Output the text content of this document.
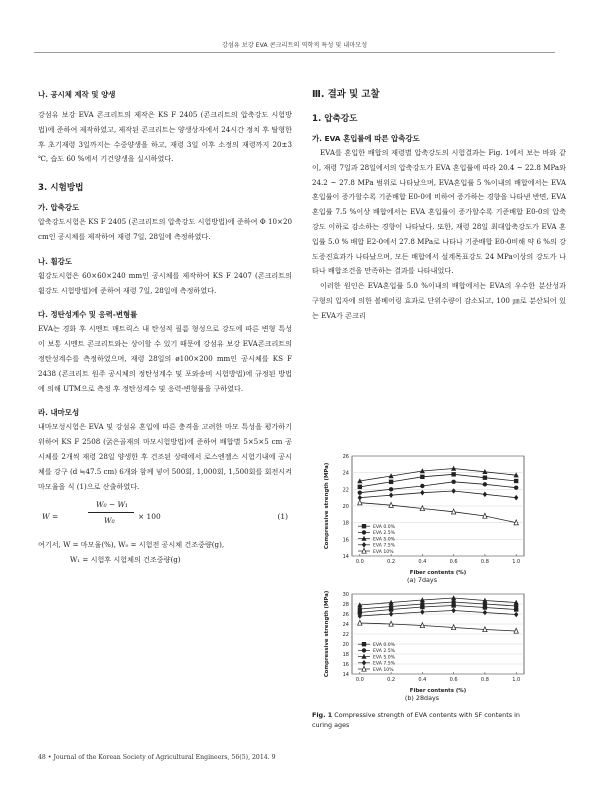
강섬유 보강 EVA 콘크리트의 역학적 특성 및 내마모성

나. 공시체 제작 및 양생

강섬유 보강 EVA 콘크리트의 제작은 KS F 2405 (콘크리트의 압축강도 시험방법)에 준하여 제작하였고, 제작된 콘크리트는 양생상자에서 24시간 정치 후 탈형한 후 초기재령 3일까지는 수중양생을 하고, 재령 3일 이후 소정의 재령까지 20±3 ℃, 습도 60 %에서 기건양생을 실시하였다.

3. 시험방법

가. 압축강도

압축강도시험은 KS F 2405 (콘크리트의 압축강도 시험방법)에 준하여 Φ 10×20 cm인 공시체를 제작하여 재령 7일, 28일에 측정하였다.

나. 휨강도

휨강도시험은 60×60×240 mm인 공시체를 제작하여 KS F 2407 (콘크리트의 휨강도 시험방법)에 준하여 재령 7일, 28일에 측정하였다.

다. 정탄성계수 및 응력-변형률

EVA는 경화 후 시멘트 매트릭스 내 탄성적 필름 형성으로 강도에 따른 변형 특성이 보통 시멘트 콘크리트와는 상이할 수 있기 때문에 강섬유 보강 EVA콘크리트의 정탄성계수를 측정하였으며, 재령 28일의 ø100×200 mm인 공시체를 KS F 2438 (콘크리트 원주 공시체의 정탄성계수 및 포와송비 시험방법)에 규정된 방법에 의해 UTM으로 측정 후 정탄성계수 및 응력-변형률을 구하였다.

라. 내마모성

내마모성시험은 EVA 및 강섬유 혼입에 따른 충격을 고려한 마모 특성을 평가하기 위하여 KS F 2508 (굵은골재의 마모시험방법)에 준하여 배합별 5×5×5 cm 공시체를 2개씩 재령 28일 양생한 후 건조된 상태에서 로스엔젤스 시험기내에 공시체를 강구 (d ≒47.5 cm) 6개와 함께 넣어 500회, 1,000회, 1,500회를 회전시켜 마모율을 식 (1)으로 산출하였다.

W =
W₀ − W₁
W₀	× 100	(1)

여기서, W = 마모율(%), W₀ = 시험전 공시체 건조중량(g),

W₁ = 시험후 시험체의 건조중량(g)

Ⅲ. 결과 및 고찰

1. 압축강도

가. EVA 혼입률에 따른 압축강도

EVA를 혼입한 배합의 재령별 압축강도의 시험결과는 Fig. 1에서 보는 바와 같이, 재령 7일과 28일에서의 압축강도가 EVA 혼입률에 따라 20.4 ~ 22.8 MPa와 24.2 ~ 27.8 MPa 범위로 나타났으며, EVA혼입률 5 %이내의 배합에서는 EVA 혼입률이 증가할수록 기준배합 E0-0에 비하여 증가하는 경향을 나타낸 반면, EVA 혼입률 7.5 %이상 배합에서는 EVA 혼입률이 증가할수록 기준배합 E0-0의 압축강도 이하로 감소하는 경향이 나타났다. 또한, 재령 28일 최대압축강도가 EVA 혼입률 5.0 % 배합 E2-0에서 27.8 MPa로 나타나 기준배합 E0-0비해 약 6 %의 강도증진효과가 나타났으며, 모든 배합에서 설계목표강도 24 MPa이상의 강도가 나타나 배합조건을 만족하는 결과를 나타내었다.

이러한 원인은 EVA혼입률 5.0 %이내의 배합에서는 EVA의 우수한 분산성과 구형의 입자에 의한 볼베어링 효과로 단위수량이 감소되고, 100 ㎛로 분산되어 있는 EVA가 콘크리

14
16
18
20
22
24
26
0.0	0.2	0.4	0.6	0.8	1.0
Fiber contents (%)
Compressive strength (MPa)	EVA 0.0%
EVA 2.5%
EVA 5.0%
EVA 7.5%
EVA 10%
(a) 7days
14
16
18
20
22
24
26
28
30
0.0	0.2	0.4	0.6	0.8	1.0
Fiber contents (%)
Compressive strength (MPa)	EVA 0.0%
EVA 2.5%
EVA 5.0%
EVA 7.5%
EVA 10%
(b) 28days
Fig. 1 Compressive strength of EVA contents with SF contents in curing ages
48 • Journal of the Korean Society of Agricultural Engineers, 56(5), 2014. 9
